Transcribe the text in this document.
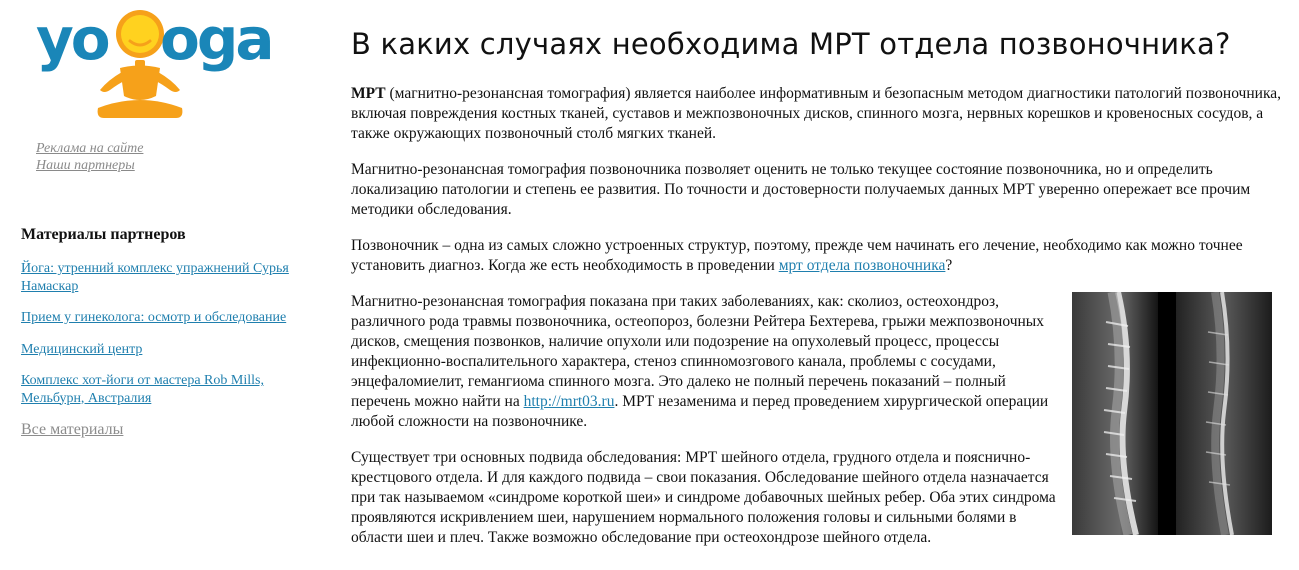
yo oga
Реклама на сайте
Наши партнеры
Материалы партнеров
Йога: утренний комплекс упражнений Сурья Намаскар
Прием у гинеколога: осмотр и обследование
Медицинский центр
Комплекс хот-йоги от мастера Rob Mills, Мельбурн, Австралия
Все материалы
В каких случаях необходима МРТ отдела позвоночника?

МРТ (магнитно-резонансная томография) является наиболее информативным и безопасным методом диагностики патологий позвоночника, включая повреждения костных тканей, суставов и межпозвоночных дисков, спинного мозга, нервных корешков и кровеносных сосудов, а также окружающих позвоночный столб мягких тканей.

Магнитно-резонансная томография позвоночника позволяет оценить не только текущее состояние позвоночника, но и определить локализацию патологии и степень ее развития. По точности и достоверности получаемых данных МРТ уверенно опережает все прочим методики обследования.

Позвоночник – одна из самых сложно устроенных структур, поэтому, прежде чем начинать его лечение, необходимо как можно точнее установить диагноз. Когда же есть необходимость в проведении мрт отдела позвоночника?

Магнитно-резонансная томография показана при таких заболеваниях, как: сколиоз, остеохондроз, различного рода травмы позвоночника, остеопороз, болезни Рейтера Бехтерева, грыжи межпозвоночных дисков, смещения позвонков, наличие опухоли или подозрение на опухолевый процесс, процессы инфекционно-воспалительного характера, стеноз спинномозгового канала, проблемы с сосудами, энцефаломиелит, гемангиома спинного мозга. Это далеко не полный перечень показаний – полный перечень можно найти на http://mrt03.ru. МРТ незаменима и перед проведением хирургической операции любой сложности на позвоночнике.

Существует три основных подвида обследования: МРТ шейного отдела, грудного отдела и пояснично-крестцового отдела. И для каждого подвида – свои показания. Обследование шейного отдела назначается при так называемом «синдроме короткой шеи» и синдроме добавочных шейных ребер. Оба этих синдрома проявляются искривлением шеи, нарушением нормального положения головы и сильными болями в области шеи и плеч. Также возможно обследование при остеохондрозе шейного отдела.
